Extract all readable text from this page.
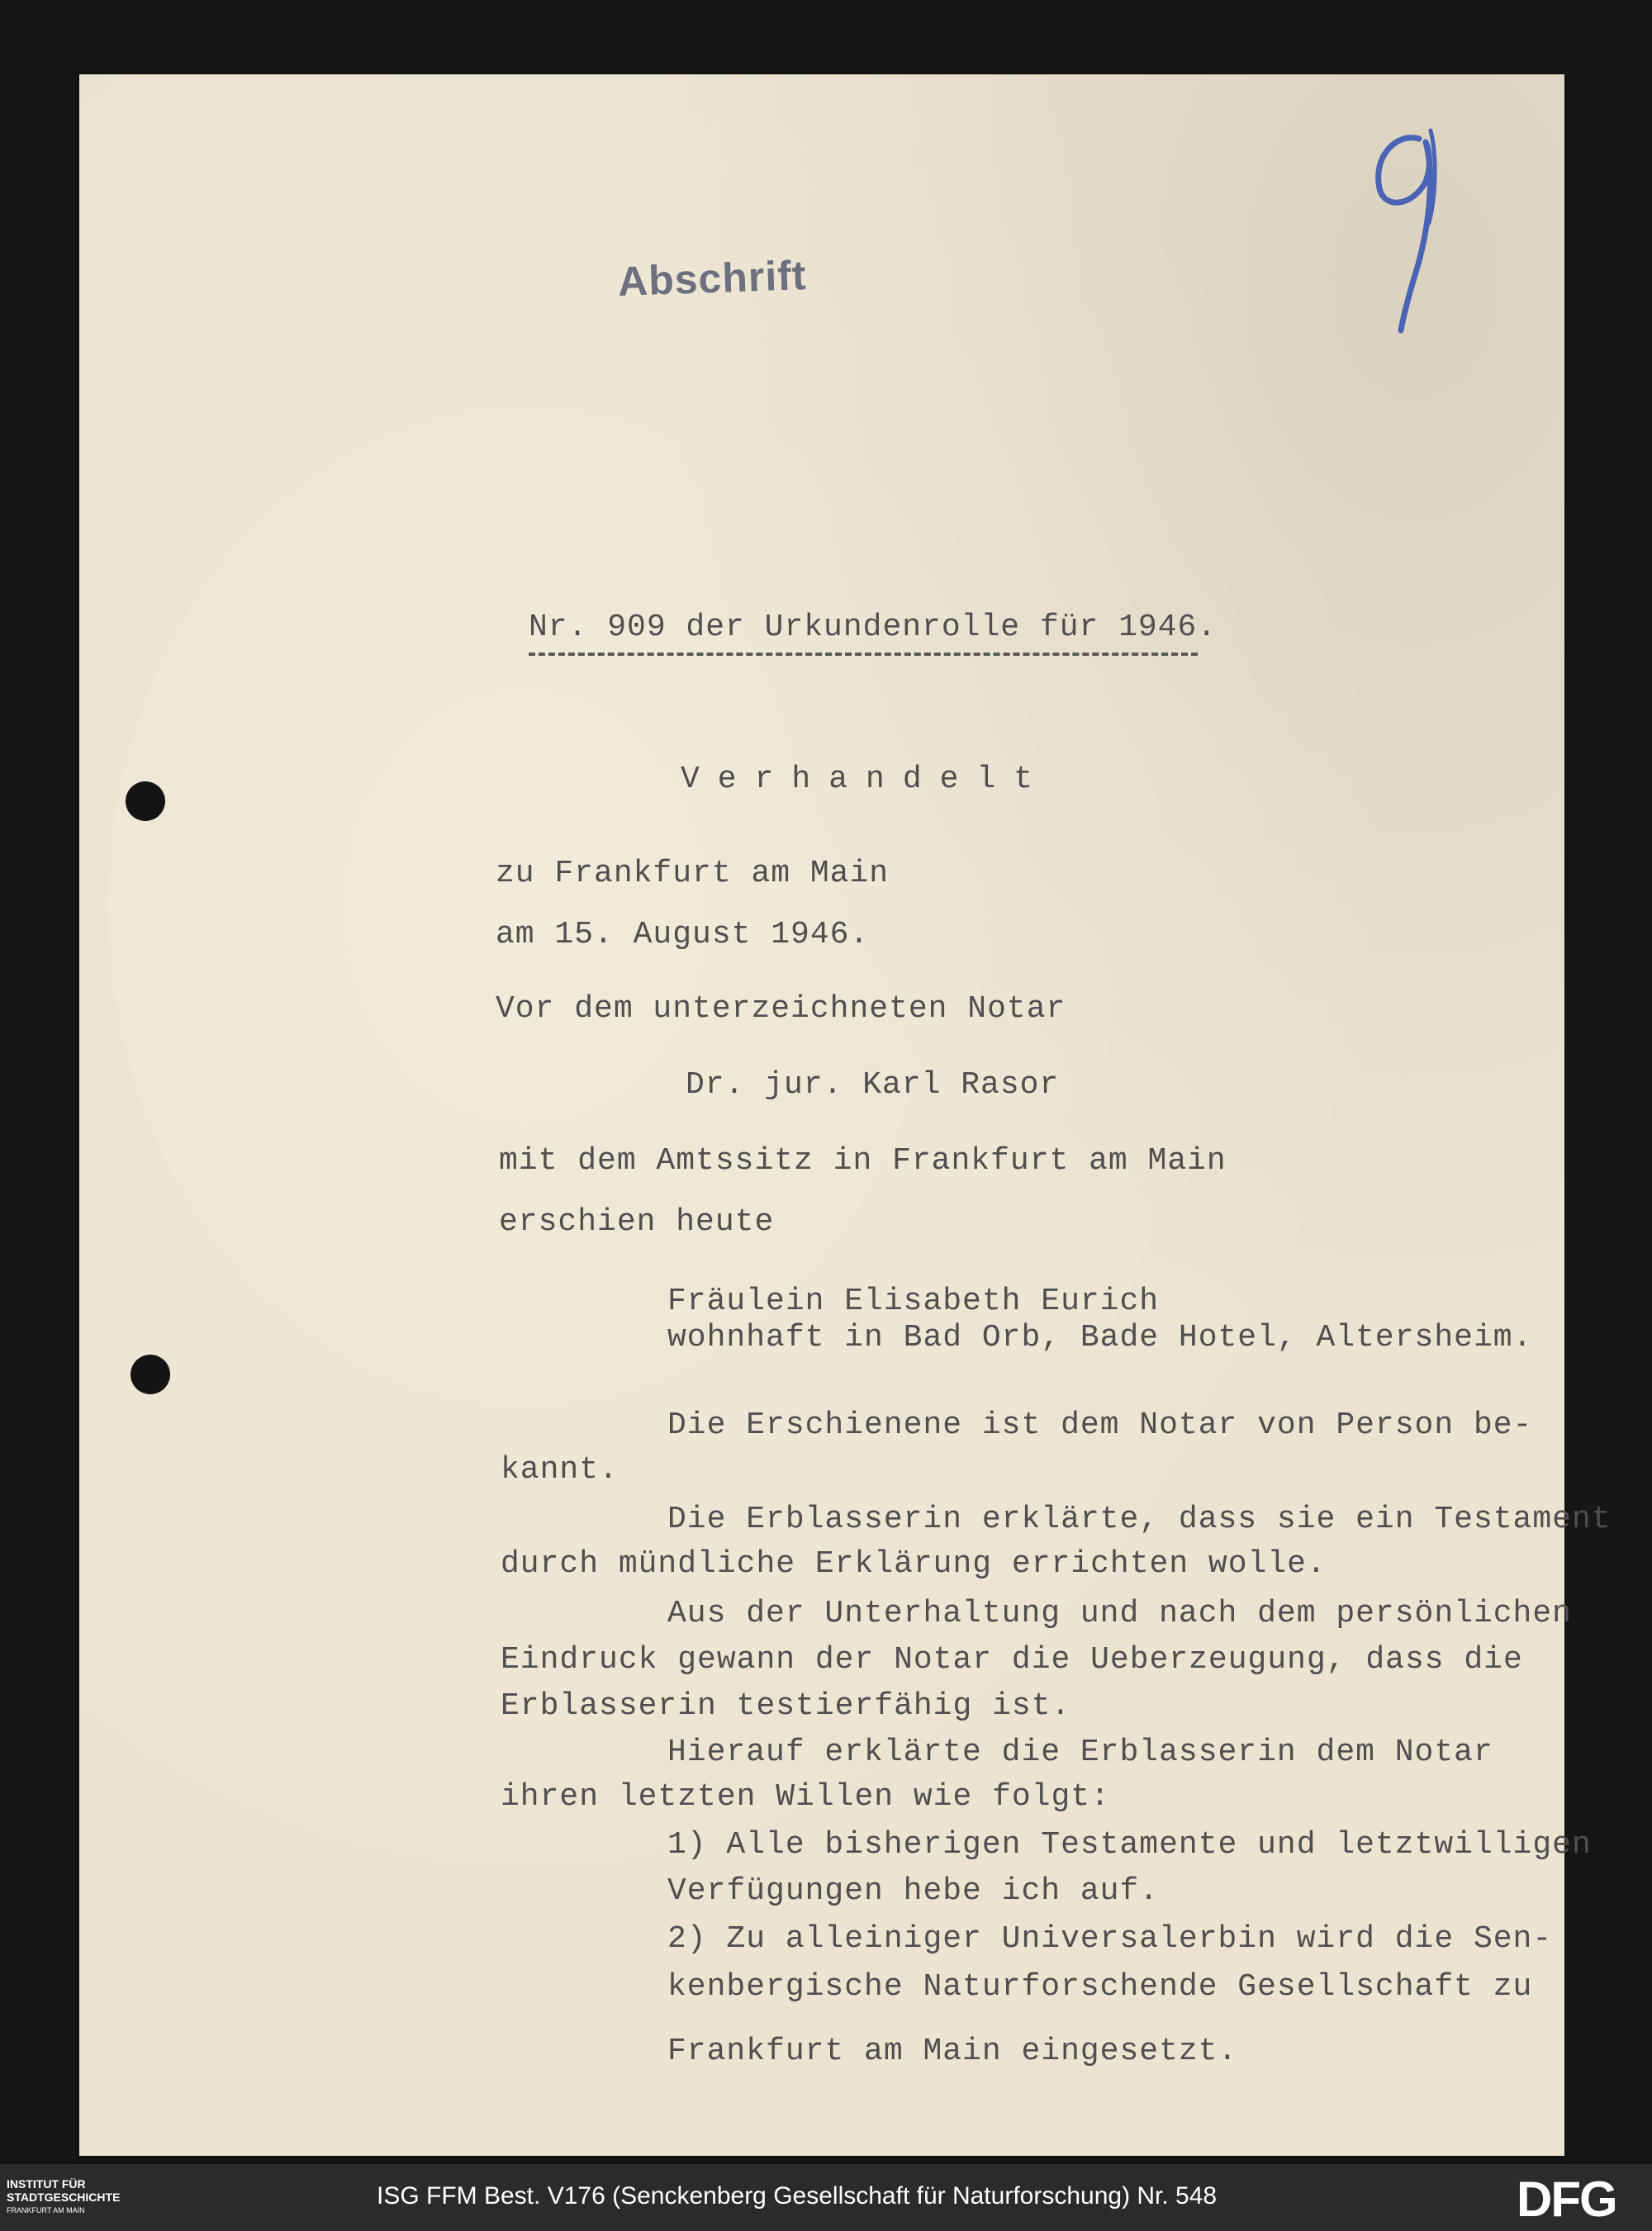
Abschrift
Nr. 909 der Urkundenrolle für 1946.
Verhandelt
zu Frankfurt am Main
am 15. August 1946.
Vor dem unterzeichneten Notar
Dr. jur. Karl Rasor
mit dem Amtssitz in Frankfurt am Main
erschien heute
Fräulein Elisabeth Eurich
wohnhaft in Bad Orb, Bade Hotel, Altersheim.
Die Erschienene ist dem Notar von Person be-
kannt.
Die Erblasserin erklärte, dass sie ein Testament
durch mündliche Erklärung errichten wolle.
Aus der Unterhaltung und nach dem persönlichen
Eindruck gewann der Notar die Ueberzeugung, dass die
Erblasserin testierfähig ist.
Hierauf erklärte die Erblasserin dem Notar
ihren letzten Willen wie folgt:
1) Alle bisherigen Testamente und letztwilligen
Verfügungen hebe ich auf.
2) Zu alleiniger Universalerbin wird die Sen-
kenbergische Naturforschende Gesellschaft zu
Frankfurt am Main eingesetzt.
INSTITUT FÜR
STADTGESCHICHTE
FRANKFURT AM MAIN
ISG FFM Best. V176 (Senckenberg Gesellschaft für Naturforschung) Nr. 548	DFG
